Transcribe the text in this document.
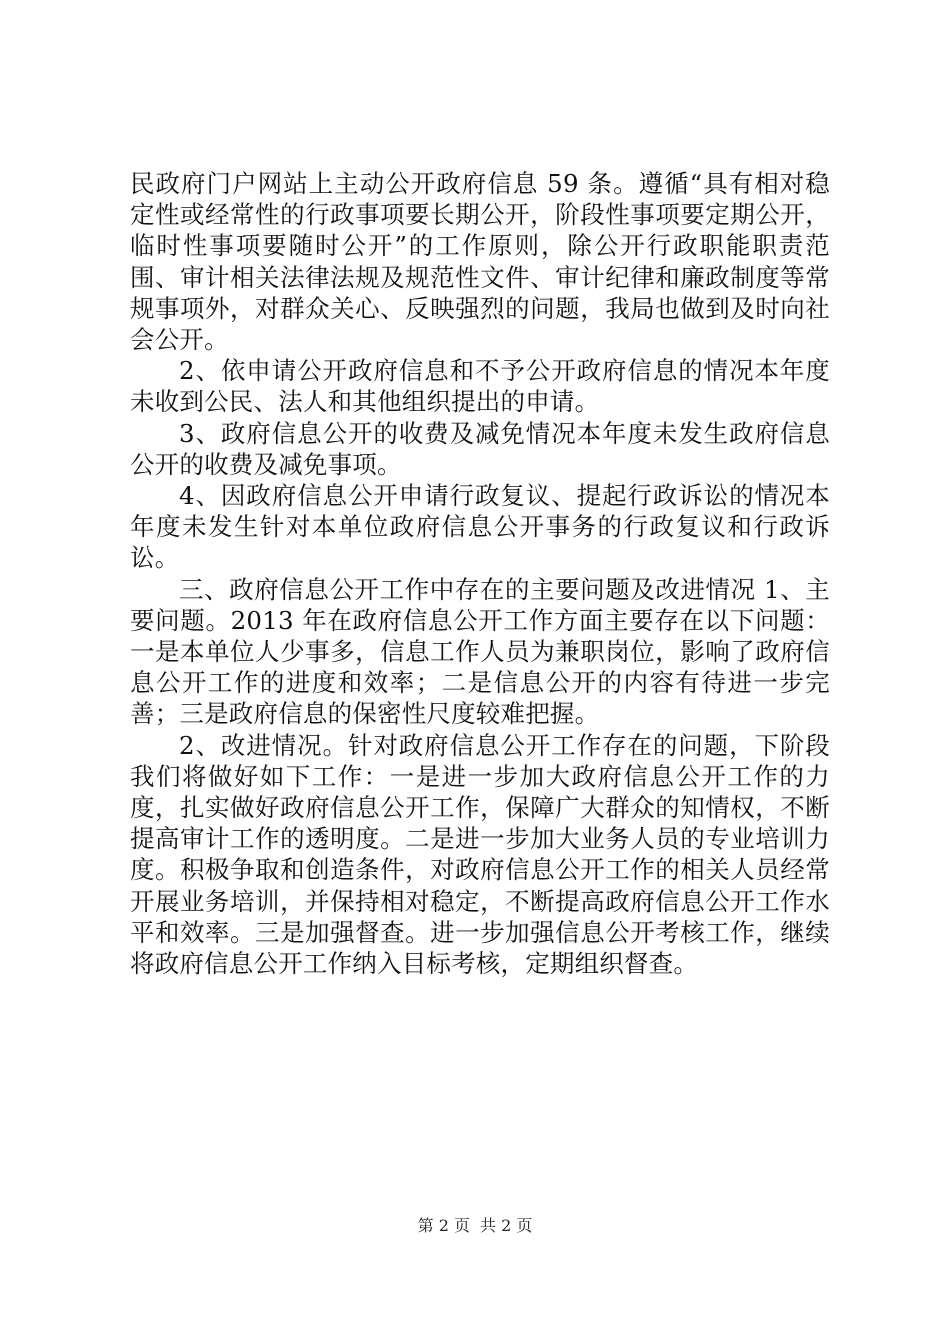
民政府门户网站上主动公开政府信息 59 条。遵循“具有相对稳定性或经常性的行政事项要长期公开，阶段性事项要定期公开，临时性事项要随时公开”的工作原则，除公开行政职能职责范围、审计相关法律法规及规范性文件、审计纪律和廉政制度等常规事项外，对群众关心、反映强烈的问题，我局也做到及时向社会公开。

2、依申请公开政府信息和不予公开政府信息的情况本年度未收到公民、法人和其他组织提出的申请。

3、政府信息公开的收费及减免情况本年度未发生政府信息公开的收费及减免事项。

4、因政府信息公开申请行政复议、提起行政诉讼的情况本年度未发生针对本单位政府信息公开事务的行政复议和行政诉讼。

三、政府信息公开工作中存在的主要问题及改进情况 1、主要问题。2013 年在政府信息公开工作方面主要存在以下问题：一是本单位人少事多，信息工作人员为兼职岗位，影响了政府信息公开工作的进度和效率；二是信息公开的内容有待进一步完善；三是政府信息的保密性尺度较难把握。

2、改进情况。针对政府信息公开工作存在的问题，下阶段我们将做好如下工作：一是进一步加大政府信息公开工作的力度，扎实做好政府信息公开工作，保障广大群众的知情权，不断提高审计工作的透明度。二是进一步加大业务人员的专业培训力度。积极争取和创造条件，对政府信息公开工作的相关人员经常开展业务培训，并保持相对稳定，不断提高政府信息公开工作水平和效率。三是加强督查。进一步加强信息公开考核工作，继续将政府信息公开工作纳入目标考核，定期组织督查。

第 2 页 共 2 页
